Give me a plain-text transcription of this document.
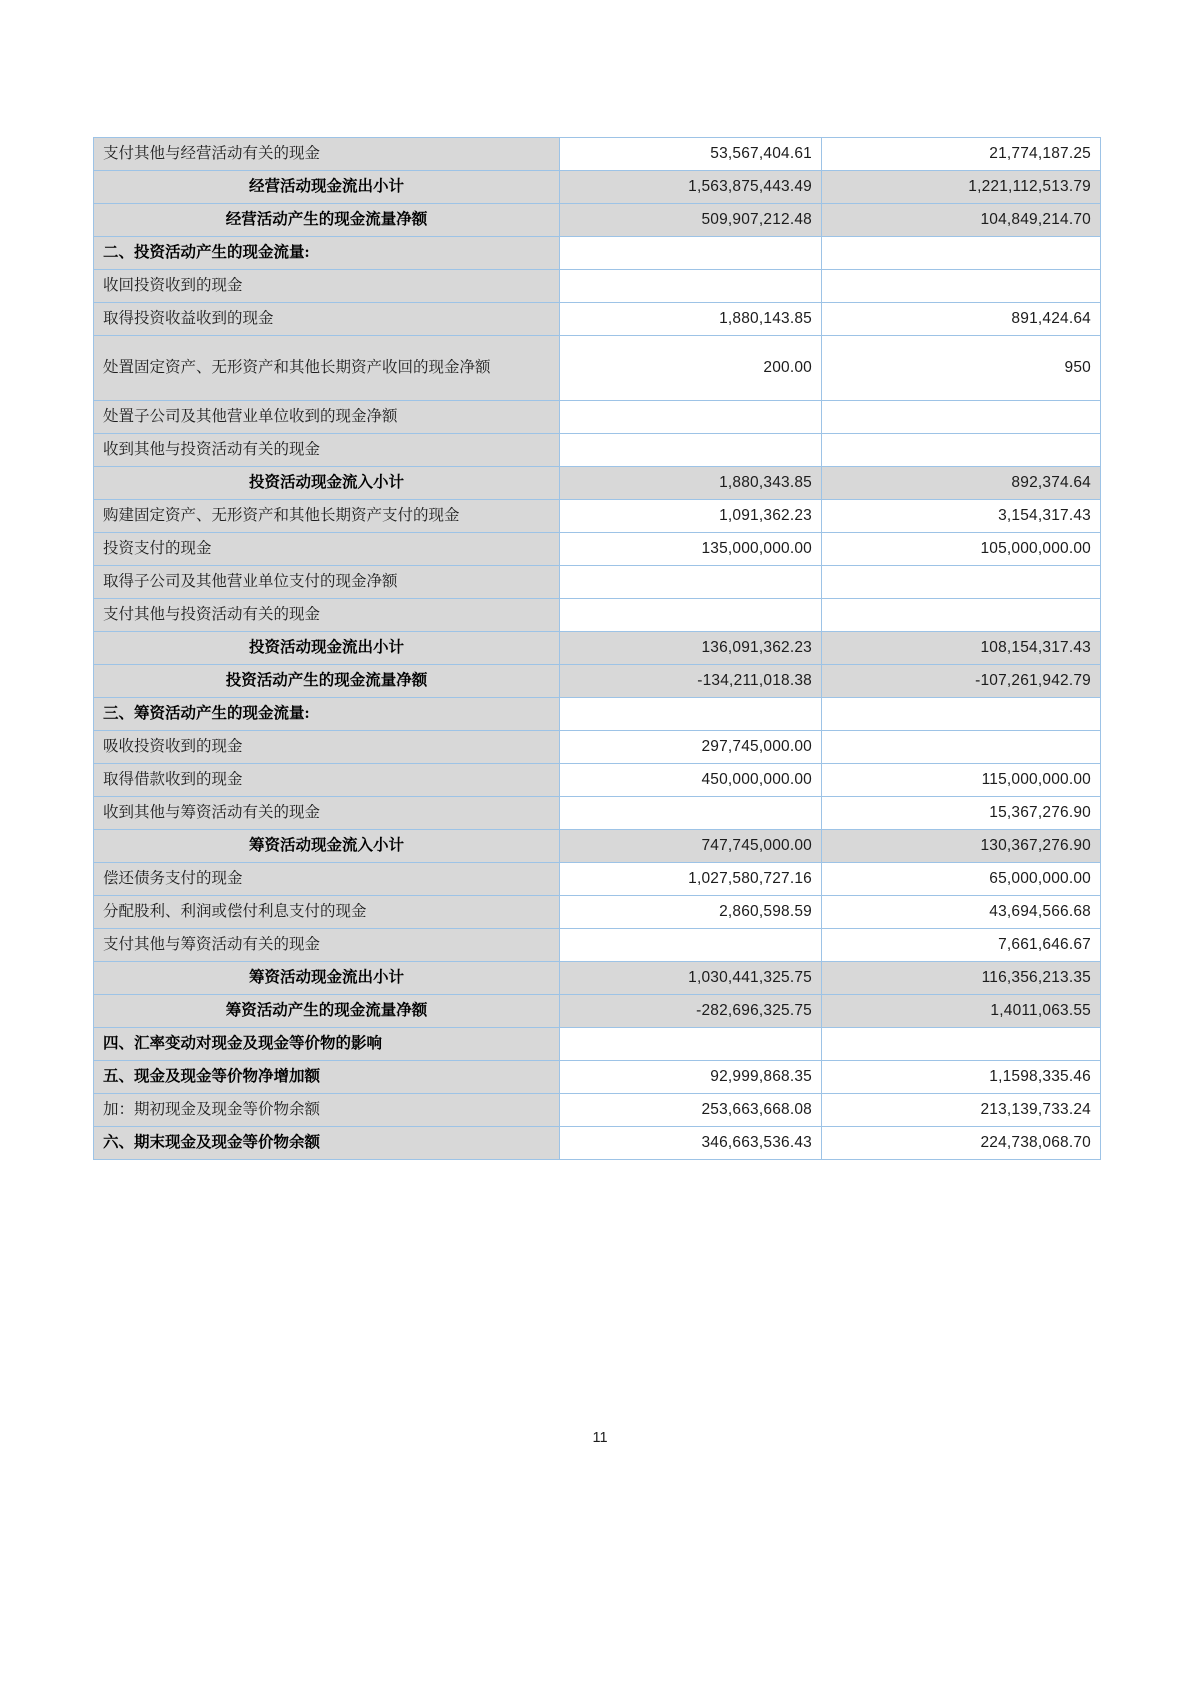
支付其他与经营活动有关的现金	53,567,404.61	21,774,187.25
经营活动现金流出小计	1,563,875,443.49	1,221,112,513.79
经营活动产生的现金流量净额	509,907,212.48	104,849,214.70
二、投资活动产生的现金流量:		
收回投资收到的现金		
取得投资收益收到的现金	1,880,143.85	891,424.64
处置固定资产、无形资产和其他长期资产收回的现金净额	200.00	950
处置子公司及其他营业单位收到的现金净额		
收到其他与投资活动有关的现金		
投资活动现金流入小计	1,880,343.85	892,374.64
购建固定资产、无形资产和其他长期资产支付的现金	1,091,362.23	3,154,317.43
投资支付的现金	135,000,000.00	105,000,000.00
取得子公司及其他营业单位支付的现金净额		
支付其他与投资活动有关的现金		
投资活动现金流出小计	136,091,362.23	108,154,317.43
投资活动产生的现金流量净额	-134,211,018.38	-107,261,942.79
三、筹资活动产生的现金流量:		
吸收投资收到的现金	297,745,000.00	
取得借款收到的现金	450,000,000.00	115,000,000.00
收到其他与筹资活动有关的现金		15,367,276.90
筹资活动现金流入小计	747,745,000.00	130,367,276.90
偿还债务支付的现金	1,027,580,727.16	65,000,000.00
分配股利、利润或偿付利息支付的现金	2,860,598.59	43,694,566.68
支付其他与筹资活动有关的现金		7,661,646.67
筹资活动现金流出小计	1,030,441,325.75	116,356,213.35
筹资活动产生的现金流量净额	-282,696,325.75	1,4011,063.55
四、汇率变动对现金及现金等价物的影响		
五、现金及现金等价物净增加额	92,999,868.35	1,1598,335.46
加：期初现金及现金等价物余额	253,663,668.08	213,139,733.24
六、期末现金及现金等价物余额	346,663,536.43	224,738,068.70
11
